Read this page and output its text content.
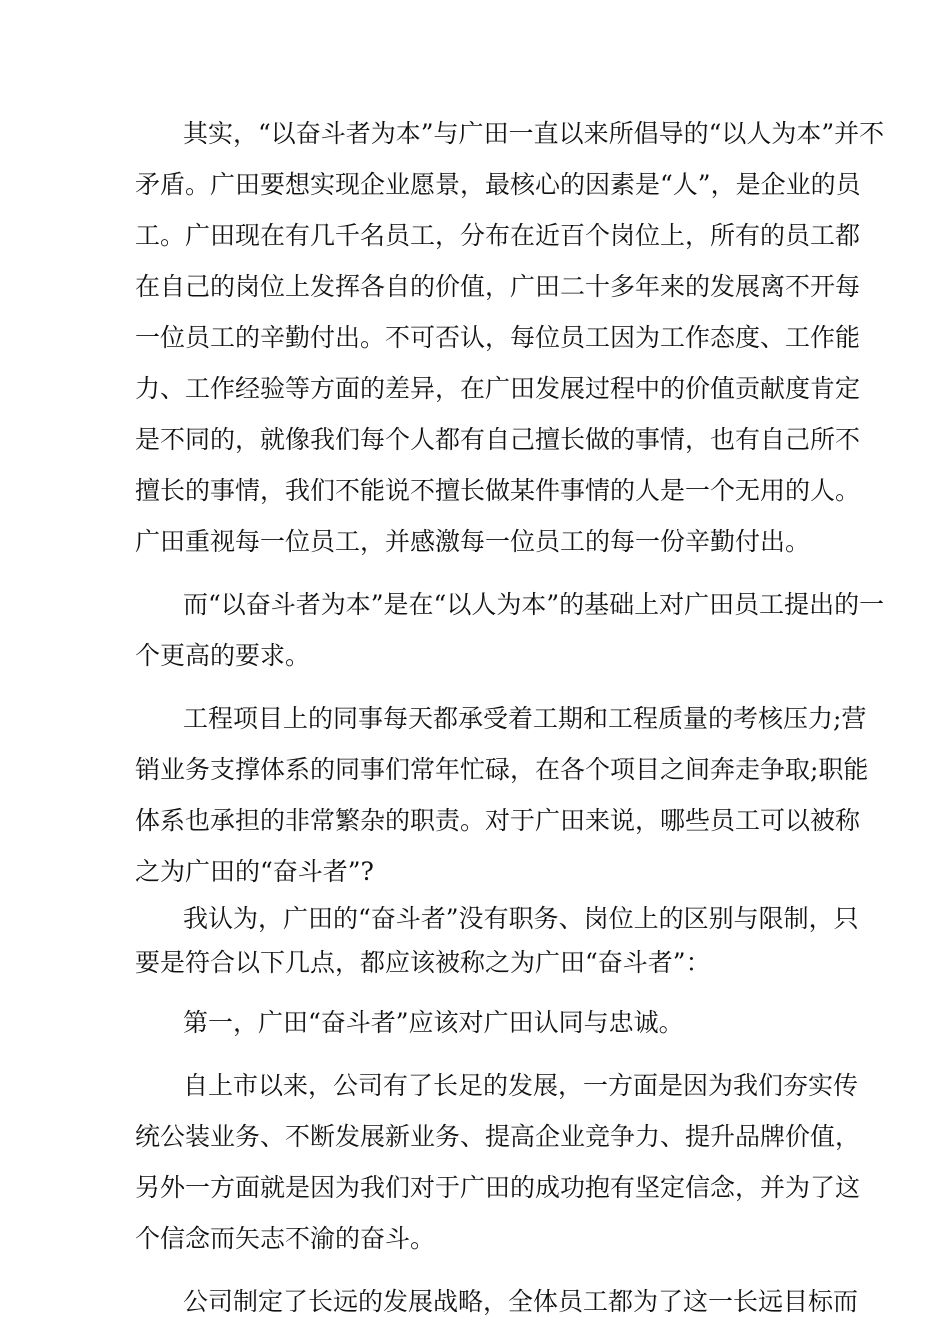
其实，“以奋斗者为本”与广田一直以来所倡导的“以人为本”并不
矛盾。广田要想实现企业愿景，最核心的因素是“人”，是企业的员
工。广田现在有几千名员工，分布在近百个岗位上，所有的员工都
在自己的岗位上发挥各自的价值，广田二十多年来的发展离不开每
一位员工的辛勤付出。不可否认，每位员工因为工作态度、工作能
力、工作经验等方面的差异，在广田发展过程中的价值贡献度肯定
是不同的，就像我们每个人都有自己擅长做的事情，也有自己所不
擅长的事情，我们不能说不擅长做某件事情的人是一个无用的人。
广田重视每一位员工，并感激每一位员工的每一份辛勤付出。
而“以奋斗者为本”是在“以人为本”的基础上对广田员工提出的一
个更高的要求。
工程项目上的同事每天都承受着工期和工程质量的考核压力;营
销业务支撑体系的同事们常年忙碌，在各个项目之间奔走争取;职能
体系也承担的非常繁杂的职责。对于广田来说，哪些员工可以被称
之为广田的“奋斗者”?
我认为，广田的“奋斗者”没有职务、岗位上的区别与限制，只
要是符合以下几点，都应该被称之为广田“奋斗者”：
第一，广田“奋斗者”应该对广田认同与忠诚。
自上市以来，公司有了长足的发展，一方面是因为我们夯实传
统公装业务、不断发展新业务、提高企业竞争力、提升品牌价值，
另外一方面就是因为我们对于广田的成功抱有坚定信念，并为了这
个信念而矢志不渝的奋斗。
公司制定了长远的发展战略，全体员工都为了这一长远目标而
